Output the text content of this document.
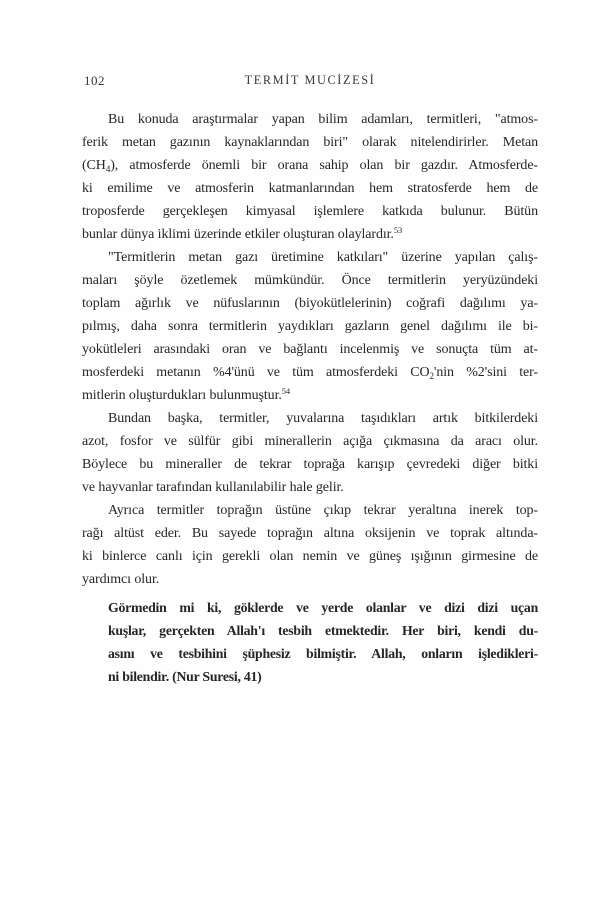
102	TERMİT MUCİZESİ
Bu konuda araştırmalar yapan bilim adamları, termitleri, "atmos-
ferik metan gazının kaynaklarından biri" olarak nitelendirirler. Metan
$(CH_4)$, atmosferde önemli bir orana sahip olan bir gazdır. Atmosferde-
ki emilime ve atmosferin katmanlarından hem stratosferde hem de
troposferde gerçekleşen kimyasal işlemlere katkıda bulunur. Bütün
bunlar dünya iklimi üzerinde etkiler oluşturan olaylardır.$^{53}$
"Termitlerin metan gazı üretimine katkıları" üzerine yapılan çalış-
maları şöyle özetlemek mümkündür. Önce termitlerin yeryüzündeki
toplam ağırlık ve nüfuslarının (biyokütlelerinin) coğrafi dağılımı ya-
pılmış, daha sonra termitlerin yaydıkları gazların genel dağılımı ile bi-
yokütleleri arasındaki oran ve bağlantı incelenmiş ve sonuçta tüm at-
mosferdeki metanın %4'ünü ve tüm atmosferdeki $CO_2'nin$ %2'sini ter-
mitlerin oluşturdukları bulunmuştur.$^{54}$
Bundan başka, termitler, yuvalarına taşıdıkları artık bitkilerdeki
azot, fosfor ve sülfür gibi minerallerin açığa çıkmasına da aracı olur.
Böylece bu mineraller de tekrar toprağa karışıp çevredeki diğer bitki
ve hayvanlar tarafından kullanılabilir hale gelir.
Ayrıca termitler toprağın üstüne çıkıp tekrar yeraltına inerek top-
rağı altüst eder. Bu sayede toprağın altına oksijenin ve toprak altında-
ki binlerce canlı için gerekli olan nemin ve güneş ışığının girmesine de
yardımcı olur.
Görmedin mi ki, göklerde ve yerde olanlar ve dizi dizi uçan
kuşlar, gerçekten Allah'ı tesbih etmektedir. Her biri, kendi du-
asını ve tesbihini şüphesiz bilmiştir. Allah, onların işledikleri-
ni bilendir. (Nur Suresi, 41)
